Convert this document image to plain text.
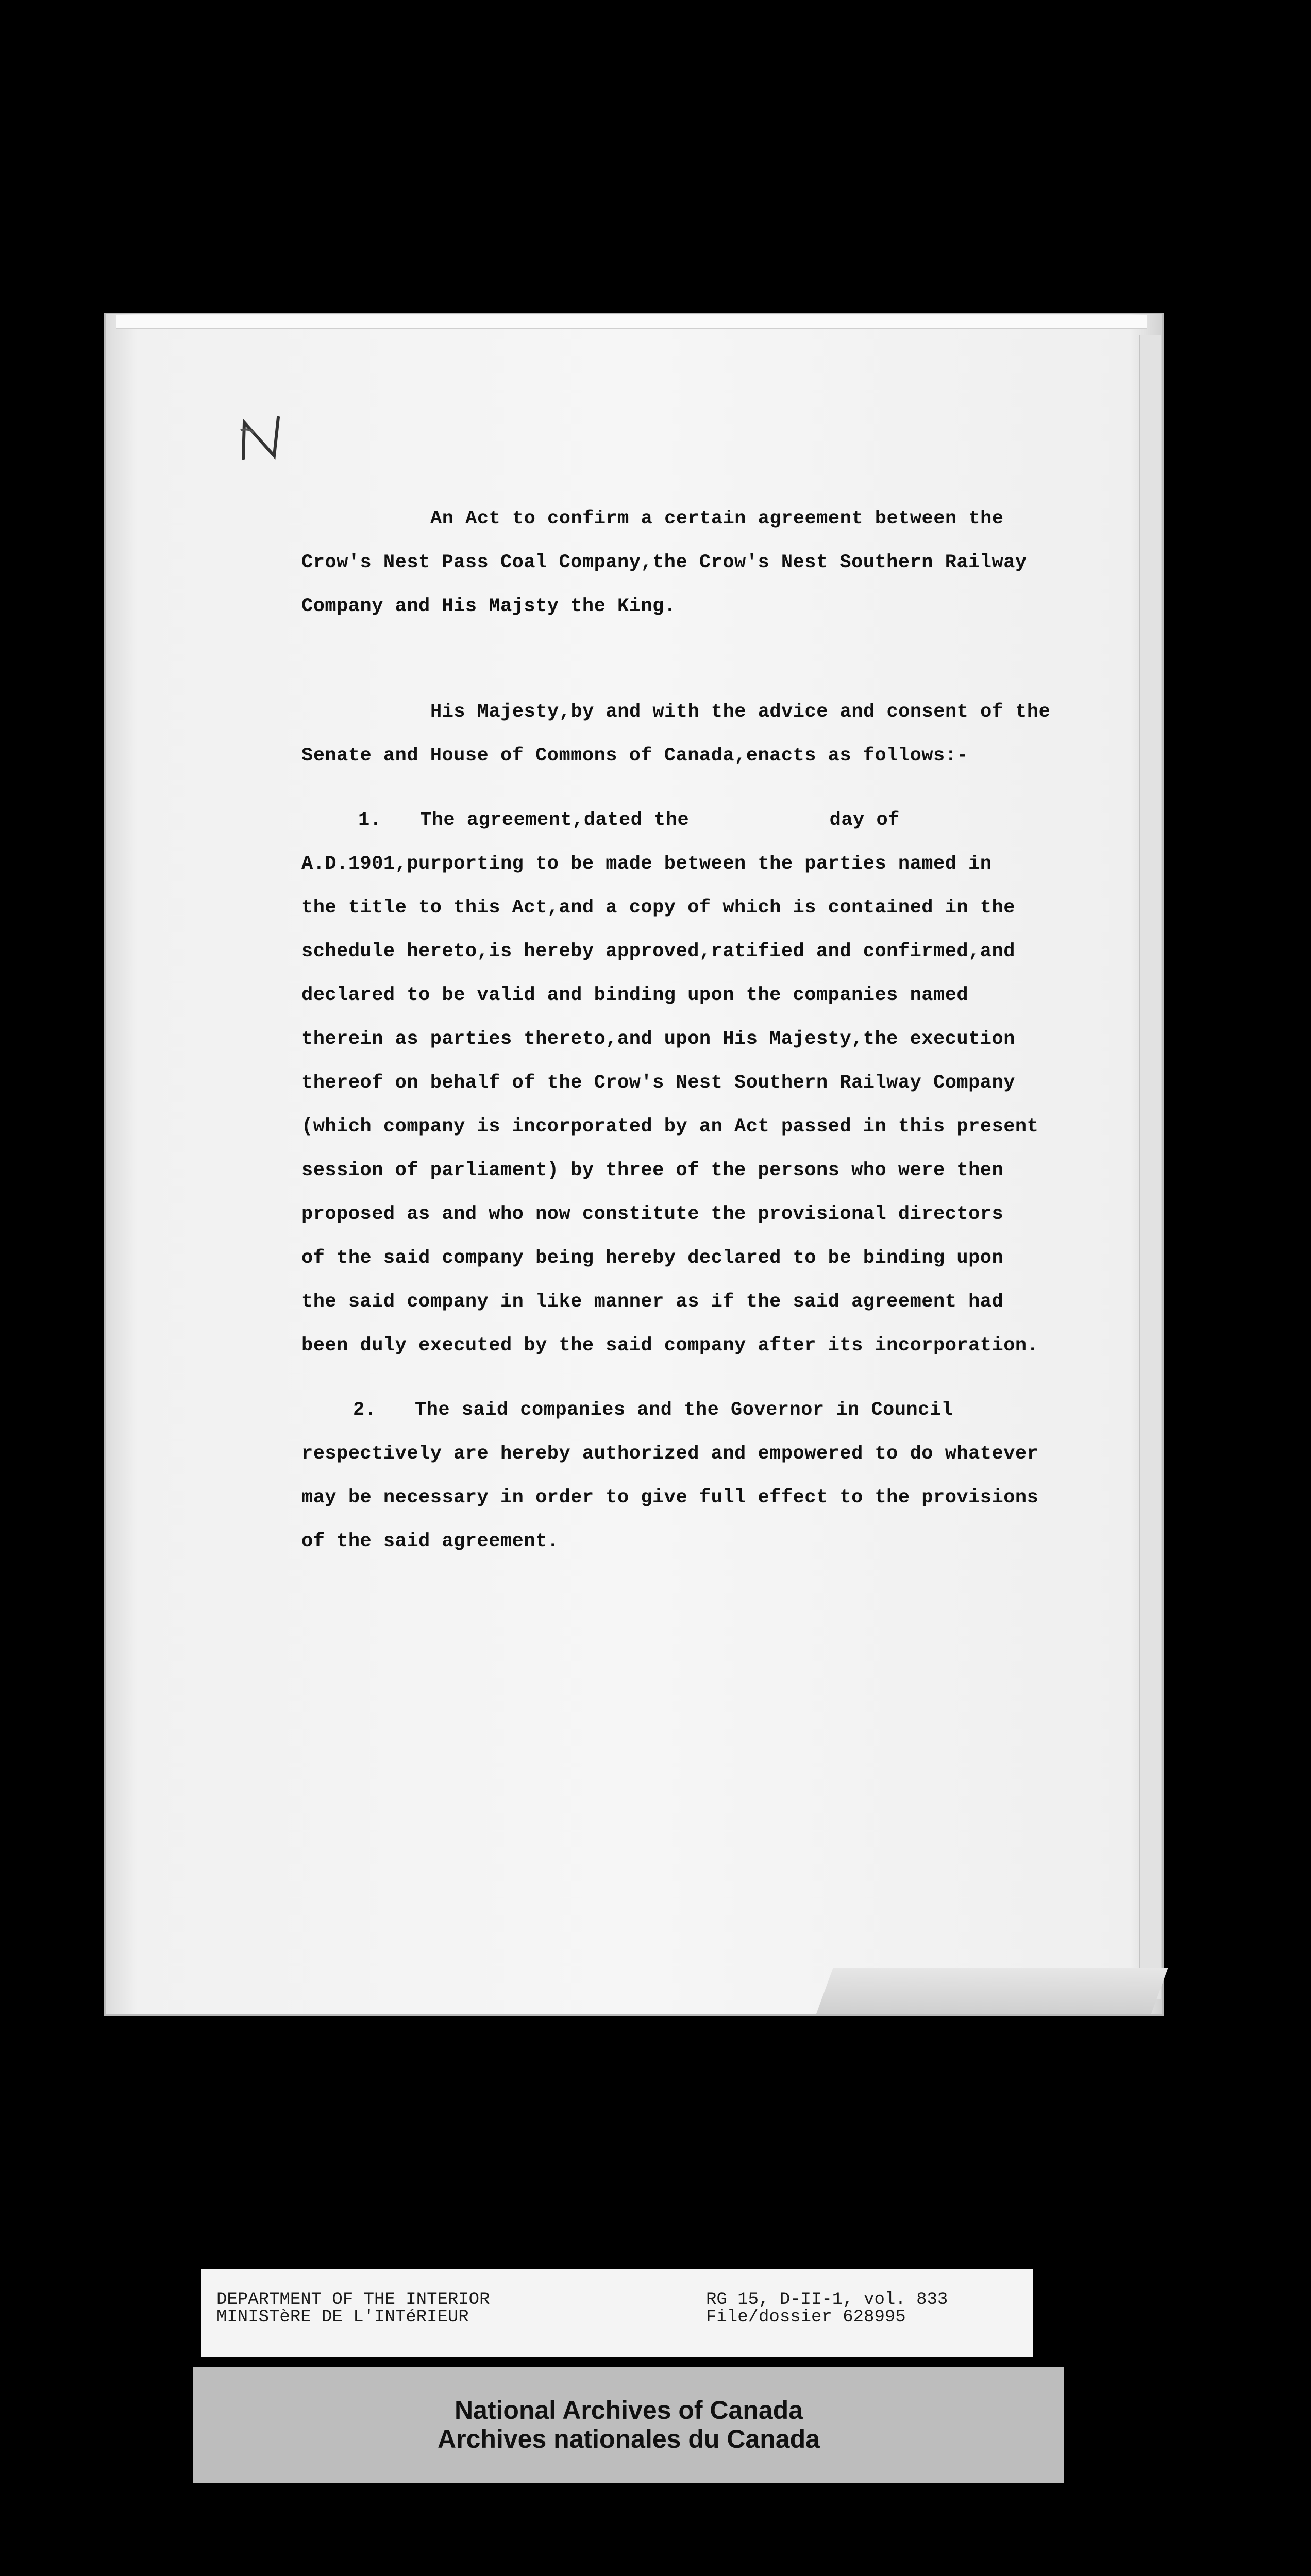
An Act to confirm a certain agreement between the
Crow's Nest Pass Coal Company,the Crow's Nest Southern Railway
Company and His Majsty the King.
His Majesty,by and with the advice and consent of the
Senate and House of Commons of Canada,enacts as follows:-
1. The agreement,dated the            day of
A.D.1901,purporting to be made between the parties named in
the title to this Act,and a copy of which is contained in the
schedule hereto,is hereby approved,ratified and confirmed,and
declared to be valid and binding upon the companies named
therein as parties thereto,and upon His Majesty,the execution
thereof on behalf of the Crow's Nest Southern Railway Company
(which company is incorporated by an Act passed in this present
session of parliament) by three of the persons who were then
proposed as and who now constitute the provisional directors
of the said company being hereby declared to be binding upon
the said company in like manner as if the said agreement had
been duly executed by the said company after its incorporation.
2. The said companies and the Governor in Council
respectively are hereby authorized and empowered to do whatever
may be necessary in order to give full effect to the provisions
of the said agreement.
DEPARTMENT OF THE INTERIOR
MINISTèRE DE L'INTéRIEUR
RG 15, D-II-1, vol. 833
File/dossier 628995
National Archives of Canada
Archives nationales du Canada
